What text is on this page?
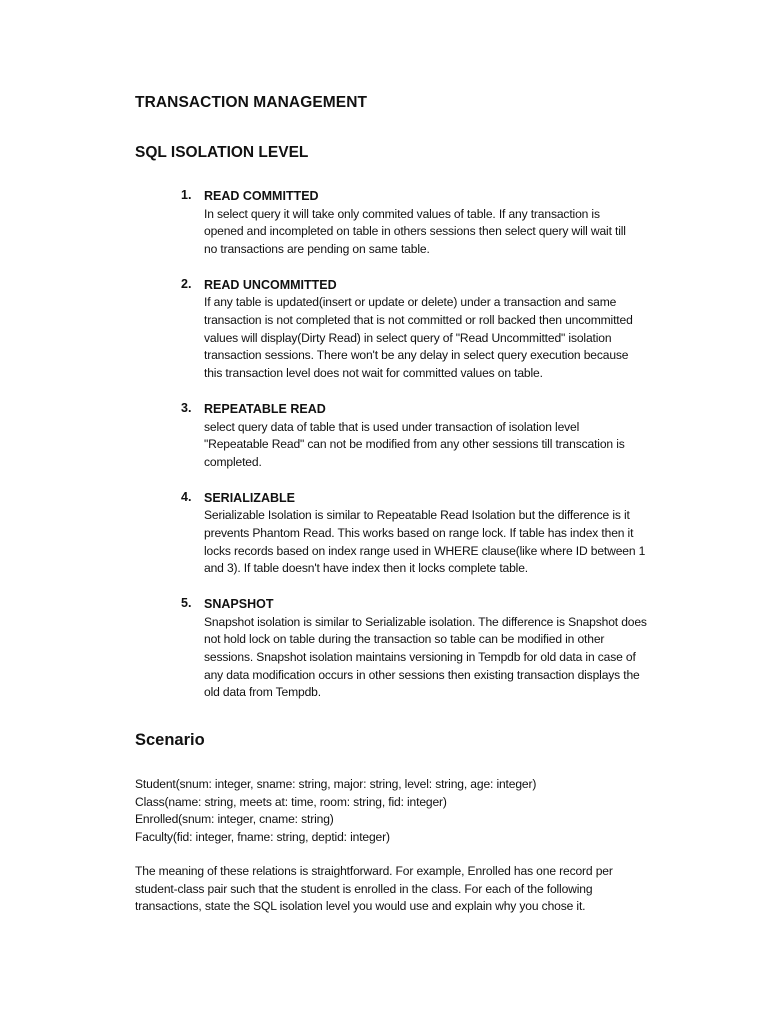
TRANSACTION MANAGEMENT
SQL ISOLATION LEVEL
1. READ COMMITTED
In select query it will take only commited values of table. If any transaction is
opened and incompleted on table in others sessions then select query will wait till
no transactions are pending on same table.
2. READ UNCOMMITTED
If any table is updated(insert or update or delete) under a transaction and same
transaction is not completed that is not committed or roll backed then uncommitted
values will display(Dirty Read) in select query of "Read Uncommitted" isolation
transaction sessions. There won't be any delay in select query execution because
this transaction level does not wait for committed values on table.
3. REPEATABLE READ
select query data of table that is used under transaction of isolation level
"Repeatable Read" can not be modified from any other sessions till transcation is
completed.
4. SERIALIZABLE
Serializable Isolation is similar to Repeatable Read Isolation but the difference is it
prevents Phantom Read. This works based on range lock. If table has index then it
locks records based on index range used in WHERE clause(like where ID between 1
and 3). If table doesn't have index then it locks complete table.
5. SNAPSHOT
Snapshot isolation is similar to Serializable isolation. The difference is Snapshot does
not hold lock on table during the transaction so table can be modified in other
sessions. Snapshot isolation maintains versioning in Tempdb for old data in case of
any data modification occurs in other sessions then existing transaction displays the
old data from Tempdb.
Scenario

Student(snum: integer, sname: string, major: string, level: string, age: integer)
Class(name: string, meets at: time, room: string, fid: integer)
Enrolled(snum: integer, cname: string)
Faculty(fid: integer, fname: string, deptid: integer)

The meaning of these relations is straightforward. For example, Enrolled has one record per
student-class pair such that the student is enrolled in the class. For each of the following
transactions, state the SQL isolation level you would use and explain why you chose it.
